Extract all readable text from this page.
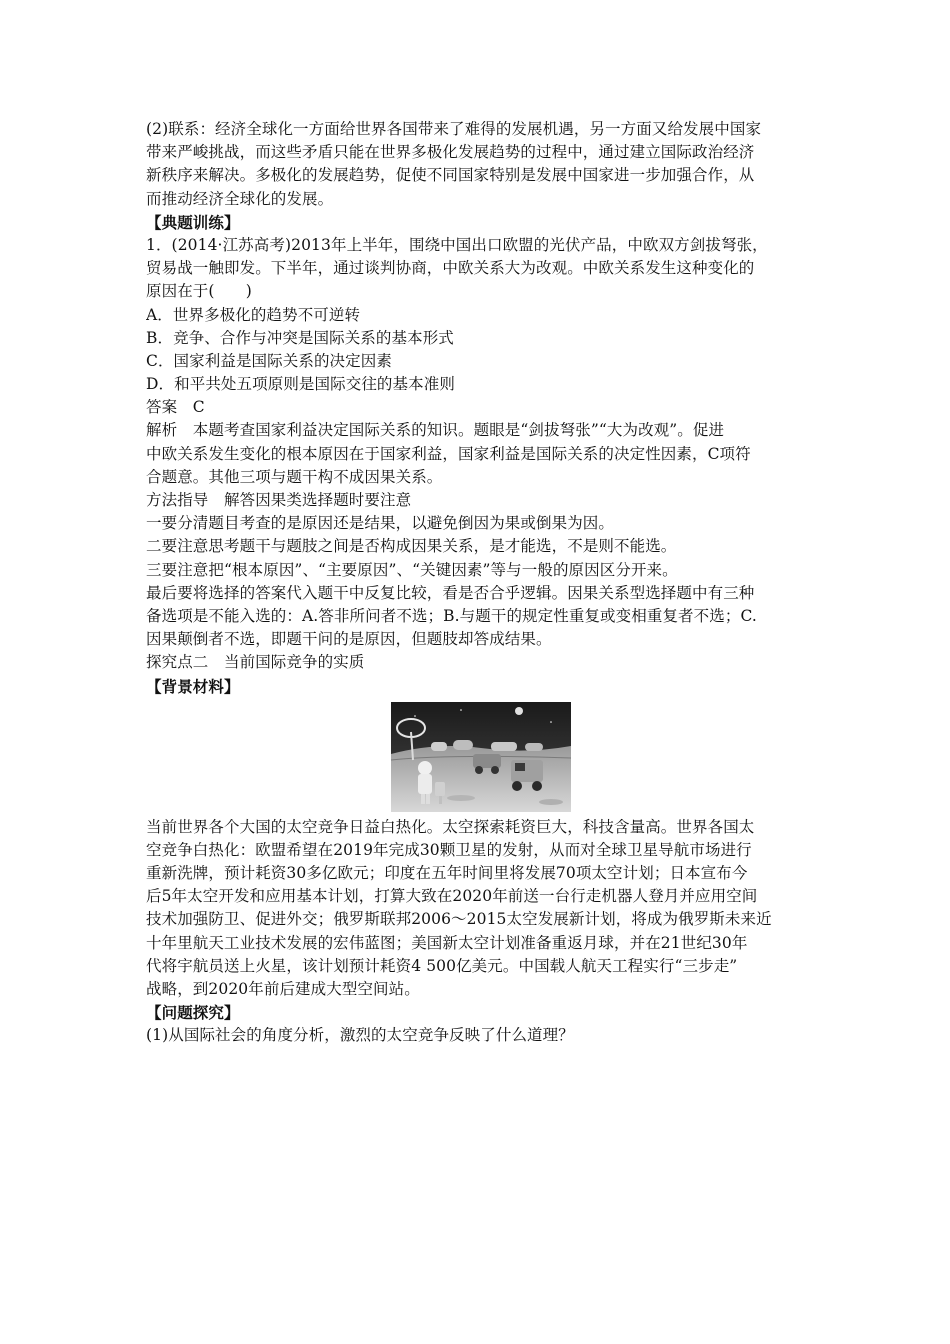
(2)联系：经济全球化一方面给世界各国带来了难得的发展机遇，另一方面又给发展中国家
带来严峻挑战，而这些矛盾只能在世界多极化发展趋势的过程中，通过建立国际政治经济
新秩序来解决。多极化的发展趋势，促使不同国家特别是发展中国家进一步加强合作，从
而推动经济全球化的发展。
【典题训练】
1．(2014·江苏高考)2013年上半年，围绕中国出口欧盟的光伏产品，中欧双方剑拔弩张，
贸易战一触即发。下半年，通过谈判协商，中欧关系大为改观。中欧关系发生这种变化的
原因在于(　　)
A．世界多极化的趋势不可逆转
B．竞争、合作与冲突是国际关系的基本形式
C．国家利益是国际关系的决定因素
D．和平共处五项原则是国际交往的基本准则
答案　C
解析　本题考查国家利益决定国际关系的知识。题眼是“剑拔弩张”“大为改观”。促进
中欧关系发生变化的根本原因在于国家利益，国家利益是国际关系的决定性因素，C项符
合题意。其他三项与题干构不成因果关系。
方法指导　解答因果类选择题时要注意
一要分清题目考查的是原因还是结果，以避免倒因为果或倒果为因。
二要注意思考题干与题肢之间是否构成因果关系，是才能选，不是则不能选。
三要注意把“根本原因”、“主要原因”、“关键因素”等与一般的原因区分开来。
最后要将选择的答案代入题干中反复比较，看是否合乎逻辑。因果关系型选择题中有三种
备选项是不能入选的：A.答非所问者不选；B.与题干的规定性重复或变相重复者不选；C.
因果颠倒者不选，即题干问的是原因，但题肢却答成结果。
探究点二　当前国际竞争的实质
【背景材料】
当前世界各个大国的太空竞争日益白热化。太空探索耗资巨大，科技含量高。世界各国太
空竞争白热化：欧盟希望在2019年完成30颗卫星的发射，从而对全球卫星导航市场进行
重新洗牌，预计耗资30多亿欧元；印度在五年时间里将发展70项太空计划；日本宣布今
后5年太空开发和应用基本计划，打算大致在2020年前送一台行走机器人登月并应用空间
技术加强防卫、促进外交；俄罗斯联邦2006～2015太空发展新计划，将成为俄罗斯未来近
十年里航天工业技术发展的宏伟蓝图；美国新太空计划准备重返月球，并在21世纪30年
代将宇航员送上火星，该计划预计耗资4 500亿美元。中国载人航天工程实行“三步走”
战略，到2020年前后建成大型空间站。
【问题探究】
(1)从国际社会的角度分析，激烈的太空竞争反映了什么道理？
